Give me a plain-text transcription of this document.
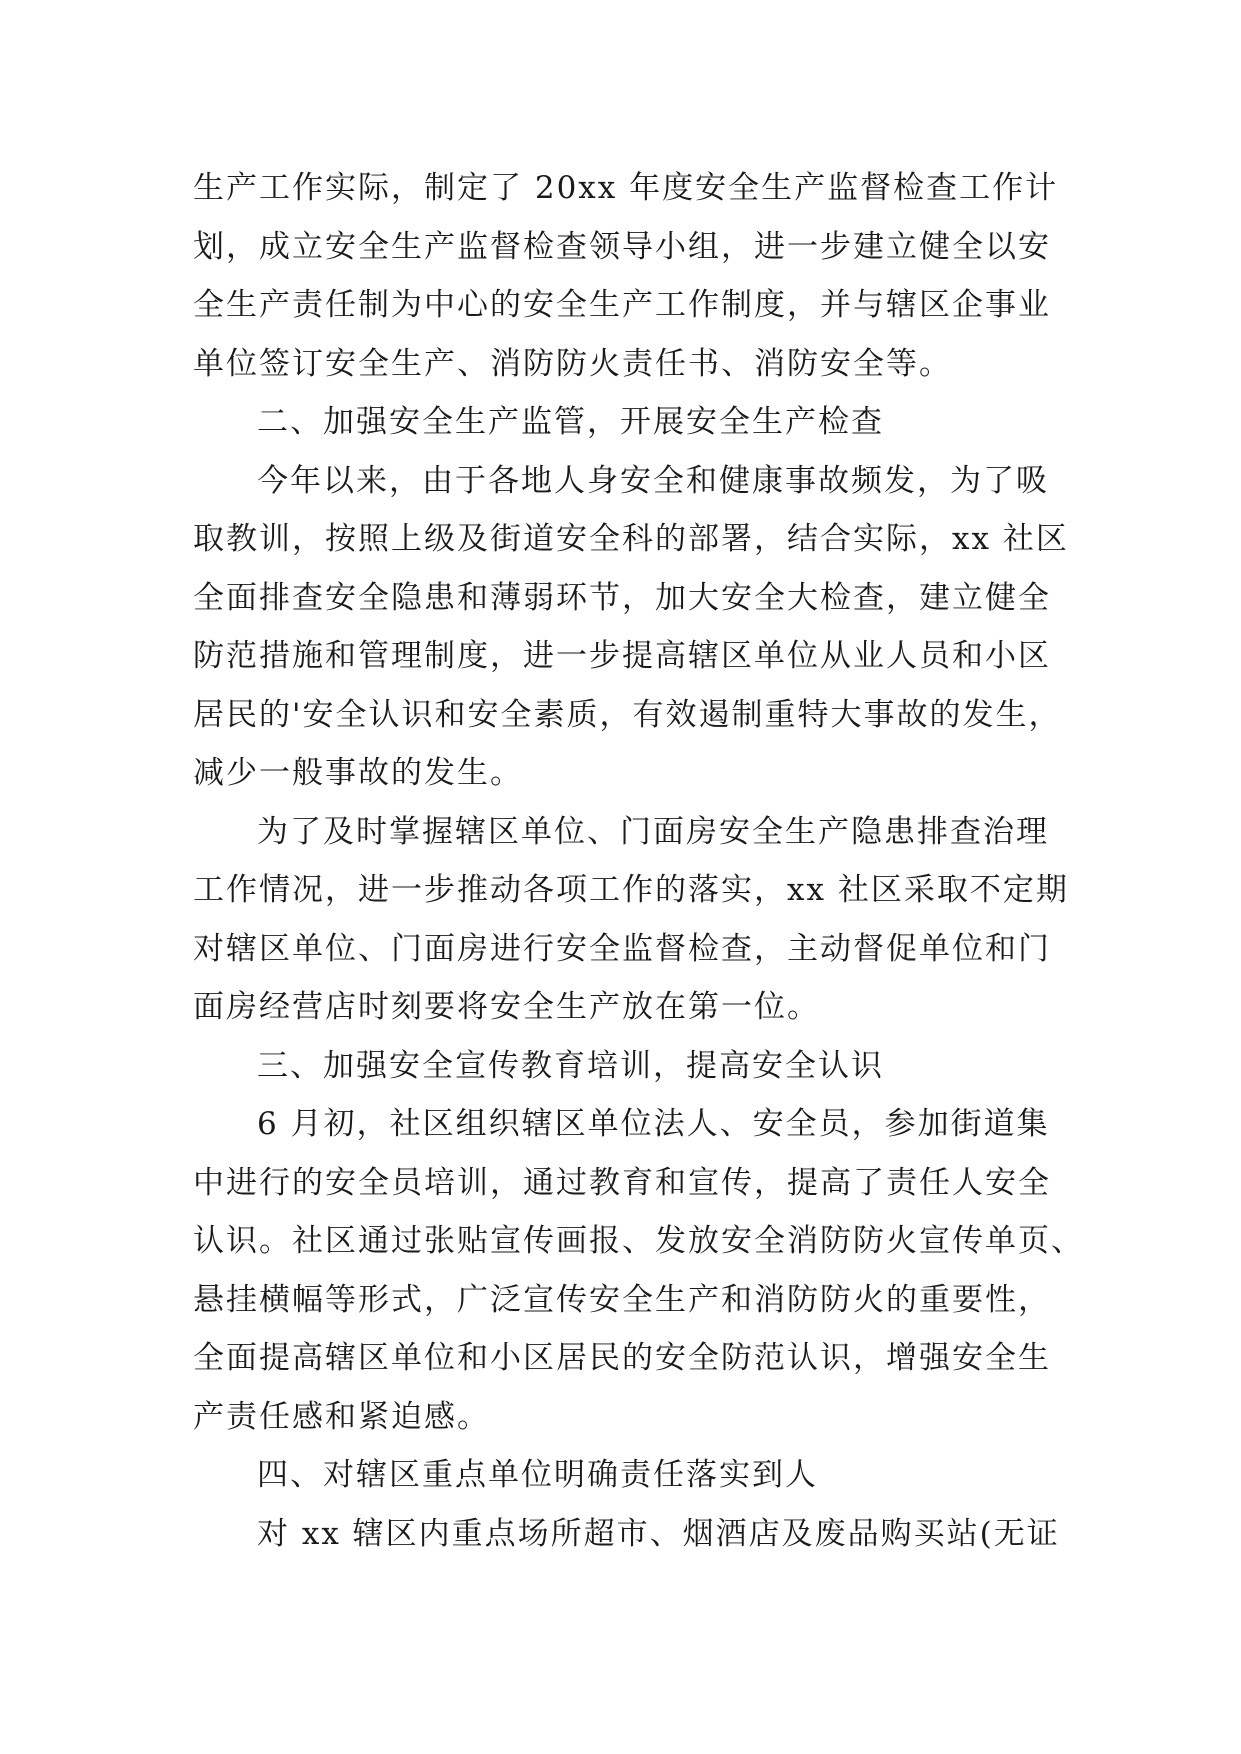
生产工作实际，制定了 20xx 年度安全生产监督检查工作计
划，成立安全生产监督检查领导小组，进一步建立健全以安
全生产责任制为中心的安全生产工作制度，并与辖区企事业
单位签订安全生产、消防防火责任书、消防安全等。
二、加强安全生产监管，开展安全生产检查
今年以来，由于各地人身安全和健康事故频发，为了吸
取教训，按照上级及街道安全科的部署，结合实际，xx 社区
全面排查安全隐患和薄弱环节，加大安全大检查，建立健全
防范措施和管理制度，进一步提高辖区单位从业人员和小区
居民的'安全认识和安全素质，有效遏制重特大事故的发生，
减少一般事故的发生。
为了及时掌握辖区单位、门面房安全生产隐患排查治理
工作情况，进一步推动各项工作的落实，xx 社区采取不定期
对辖区单位、门面房进行安全监督检查，主动督促单位和门
面房经营店时刻要将安全生产放在第一位。
三、加强安全宣传教育培训，提高安全认识
6 月初，社区组织辖区单位法人、安全员，参加街道集
中进行的安全员培训，通过教育和宣传，提高了责任人安全
认识。社区通过张贴宣传画报、发放安全消防防火宣传单页、
悬挂横幅等形式，广泛宣传安全生产和消防防火的重要性，
全面提高辖区单位和小区居民的安全防范认识，增强安全生
产责任感和紧迫感。
四、对辖区重点单位明确责任落实到人
对 xx 辖区内重点场所超市、烟酒店及废品购买站(无证
